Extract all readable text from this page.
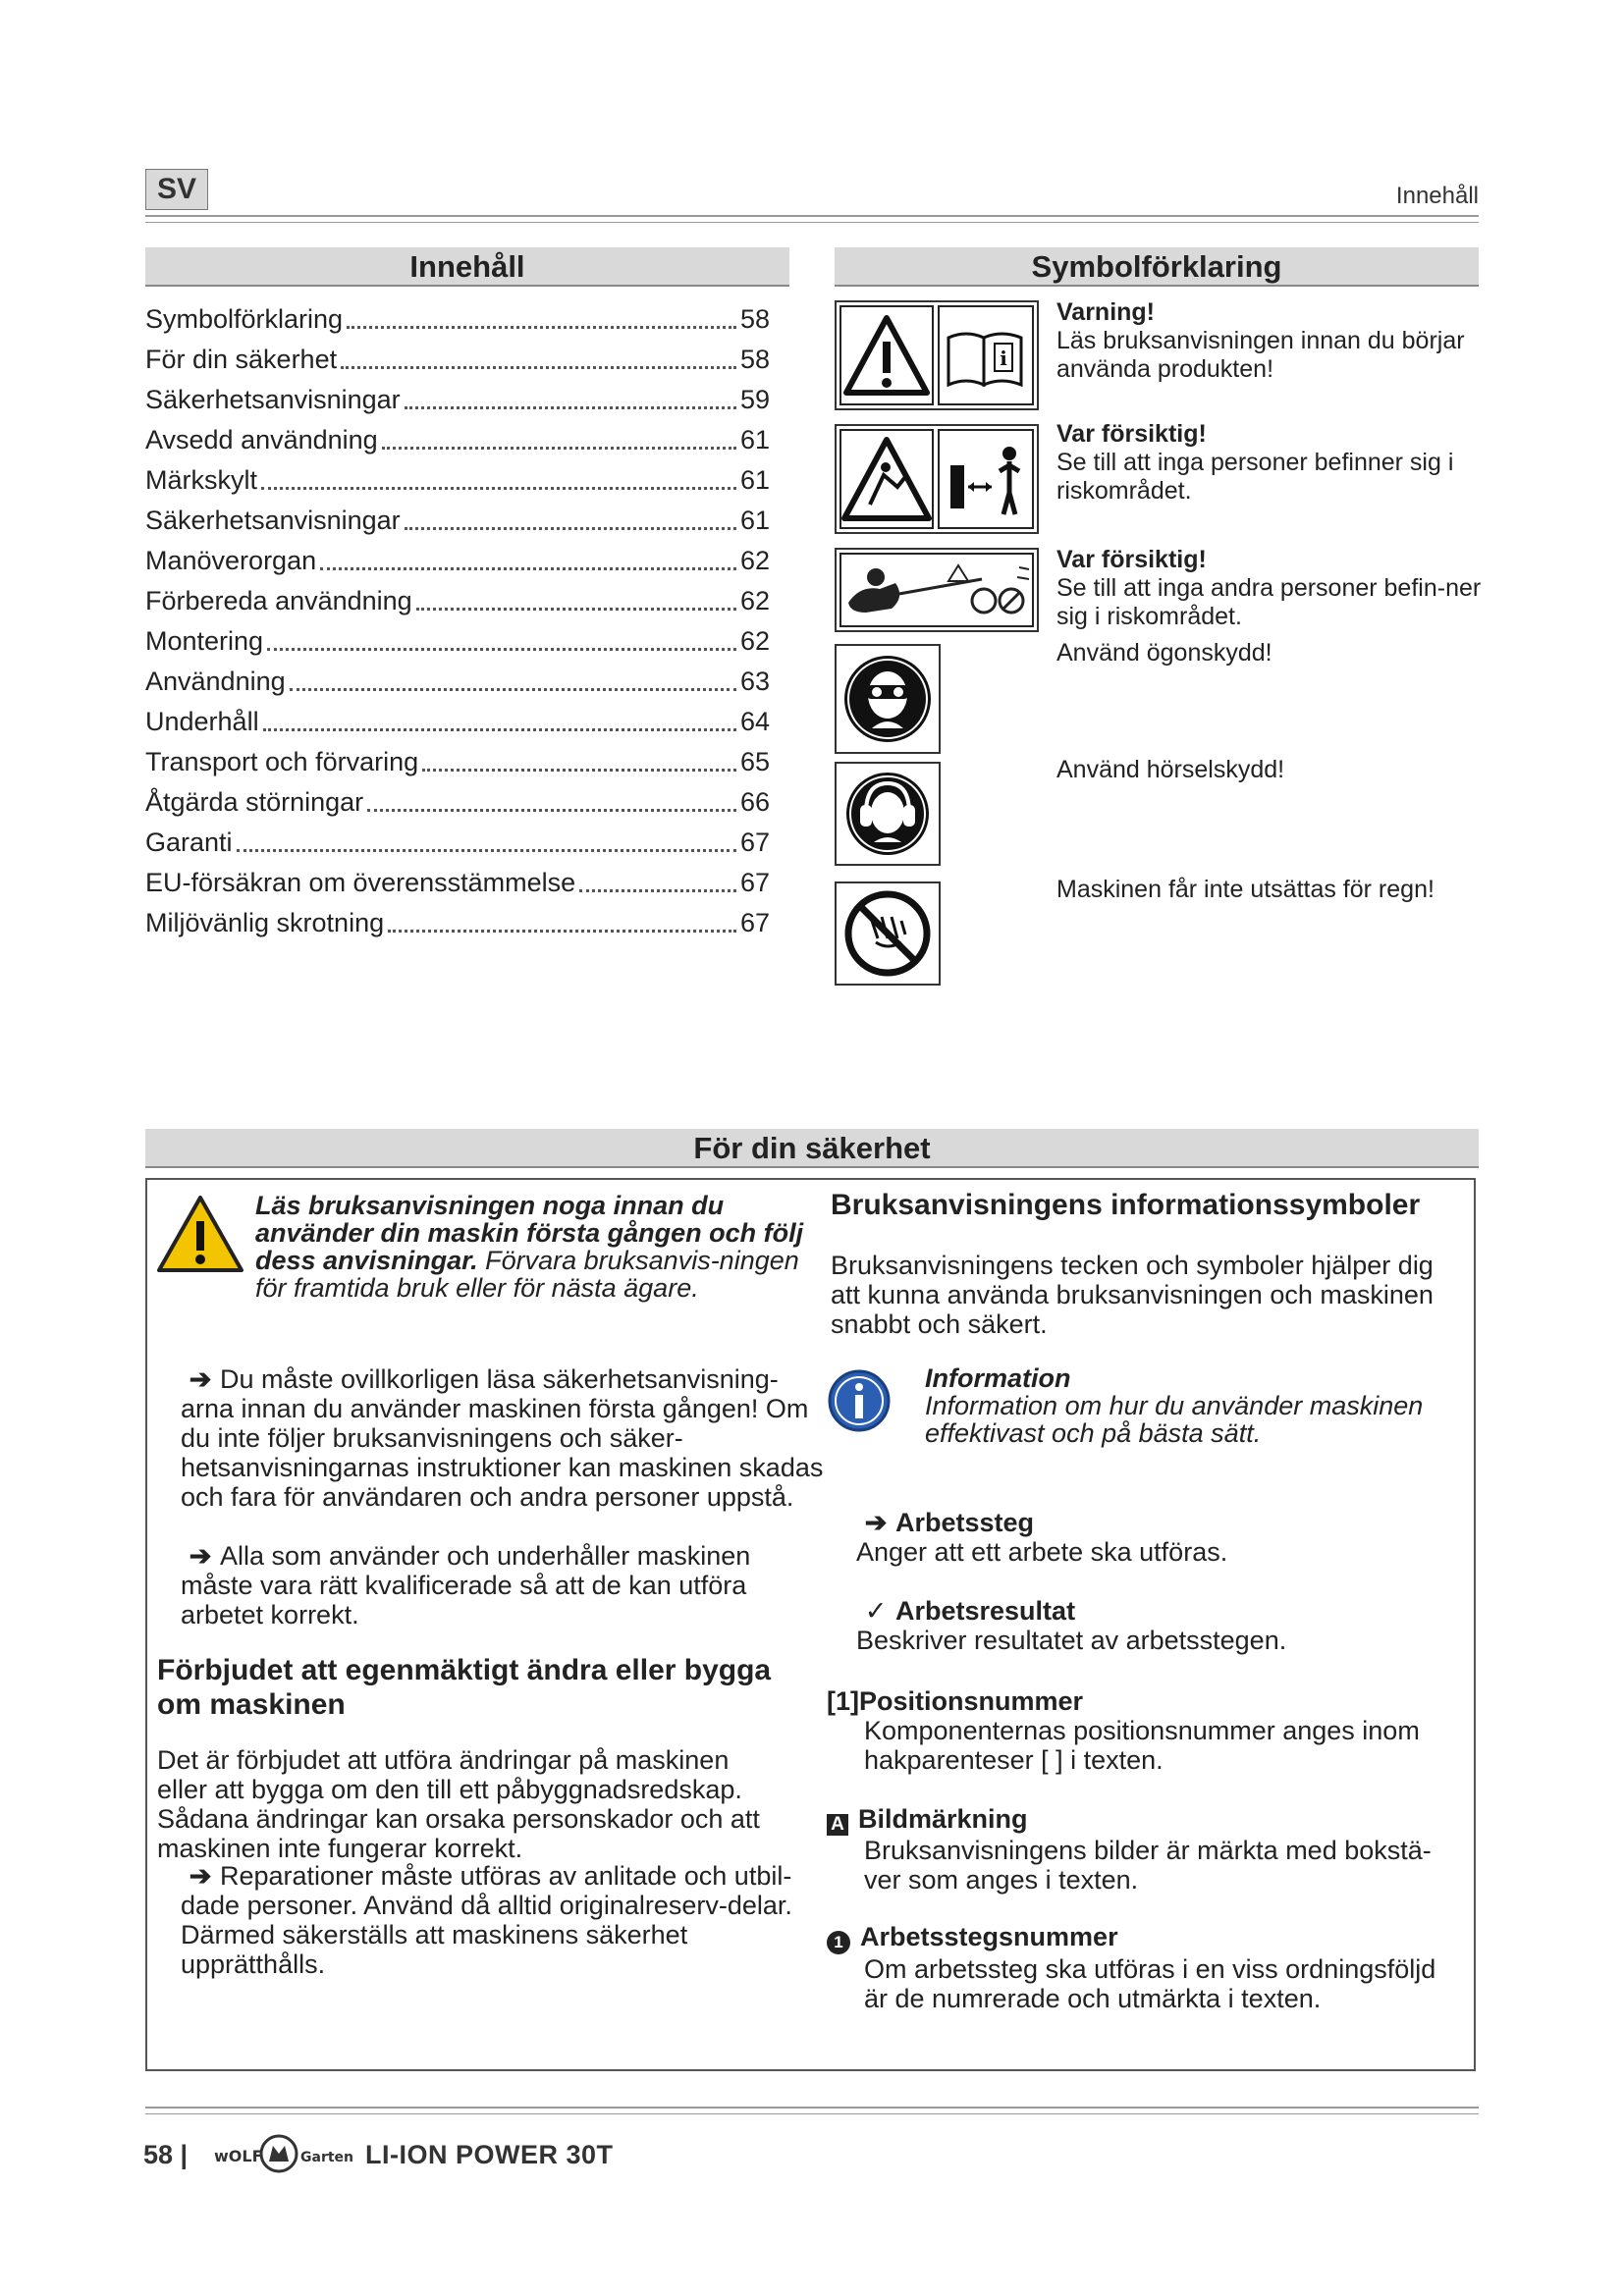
SV	Innehåll
Innehåll
Symbolförklaring	58
För din säkerhet	58
Säkerhetsanvisningar	59
Avsedd användning	61
Märkskylt	61
Säkerhetsanvisningar	61
Manöverorgan	62
Förbereda användning	62
Montering	62
Användning	63
Underhåll	64
Transport och förvaring	65
Åtgärda störningar	66
Garanti	67
EU-försäkran om överensstämmelse	67
Miljövänlig skrotning	67
Symbolförklaring
i
Varning!
Läs bruksanvisningen innan du börjar använda produkten!
Var försiktig!
Se till att inga personer befinner sig i riskområdet.
Var försiktig!
Se till att inga andra personer befin-ner sig i riskområdet.
Använd ögonskydd!
Använd hörselskydd!
Maskinen får inte utsättas för regn!
För din säkerhet
Läs bruksanvisningen noga innan du använder din maskin första gången och följ dess anvisningar. Förvara bruksanvis-ningen för framtida bruk eller för nästa ägare.
➔ Du måste ovillkorligen läsa säkerhetsanvisning-arna innan du använder maskinen första gången! Om du inte följer bruksanvisningens och säker-hetsanvisningarnas instruktioner kan maskinen skadas och fara för användaren och andra personer uppstå.
➔ Alla som använder och underhåller maskinen måste vara rätt kvalificerade så att de kan utföra arbetet korrekt.
Förbjudet att egenmäktigt ändra eller bygga om maskinen
Det är förbjudet att utföra ändringar på maskinen eller att bygga om den till ett påbyggnadsredskap. Sådana ändringar kan orsaka personskador och att maskinen inte fungerar korrekt.
➔ Reparationer måste utföras av anlitade och utbil-dade personer. Använd då alltid originalreserv-delar. Därmed säkerställs att maskinens säkerhet upprätthålls.
Bruksanvisningens informationssymboler
Bruksanvisningens tecken och symboler hjälper dig att kunna använda bruksanvisningen och maskinen snabbt och säkert.
Information
Information om hur du använder maskinen effektivast och på bästa sätt.
➔ Arbetssteg
Anger att ett arbete ska utföras.
✓ Arbetsresultat
Beskriver resultatet av arbetsstegen.
[1]Positionsnummer
Komponenternas positionsnummer anges inom hakparenteser [ ] i texten.
A Bildmärkning
Bruksanvisningens bilder är märkta med bokstä-ver som anges i texten.
1 Arbetsstegsnummer
Om arbetssteg ska utföras i en viss ordningsföljd är de numrerade och utmärkta i texten.
58 | wOLF	Garten LI-ION POWER 30T
